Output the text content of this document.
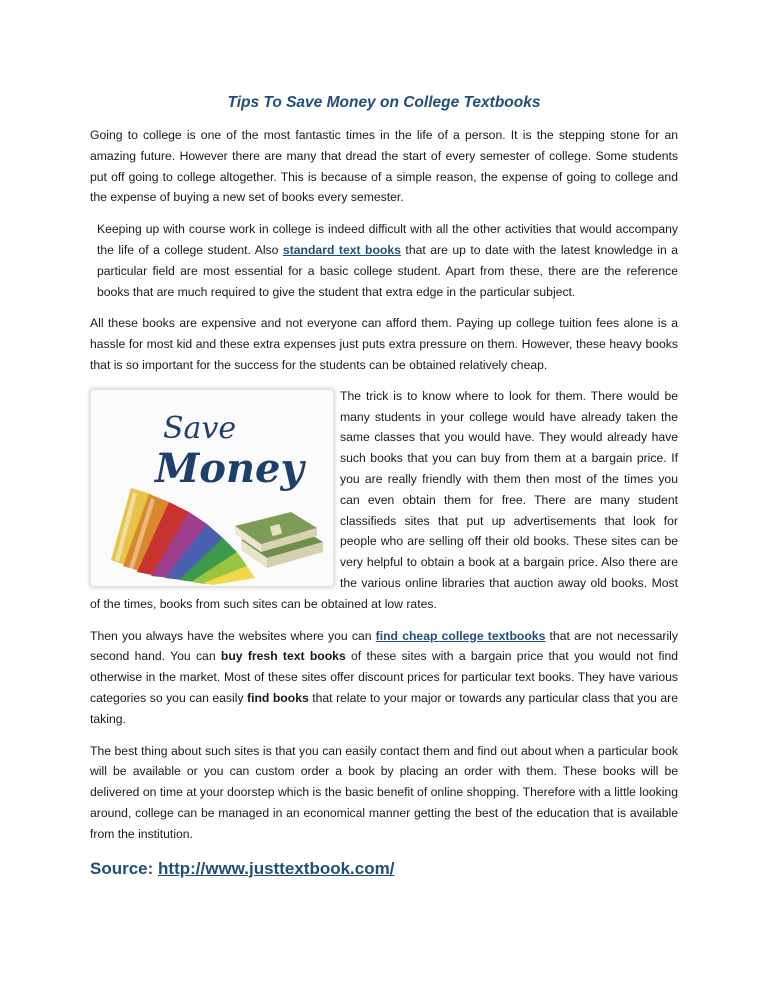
Tips To Save Money on College Textbooks

Going to college is one of the most fantastic times in the life of a person. It is the stepping stone for an amazing future. However there are many that dread the start of every semester of college. Some students put off going to college altogether. This is because of a simple reason, the expense of going to college and the expense of buying a new set of books every semester.

Keeping up with course work in college is indeed difficult with all the other activities that would accompany the life of a college student. Also standard text books that are up to date with the latest knowledge in a particular field are most essential for a basic college student. Apart from these, there are the reference books that are much required to give the student that extra edge in the particular subject.

All these books are expensive and not everyone can afford them. Paying up college tuition fees alone is a hassle for most kid and these extra expenses just puts extra pressure on them. However, these heavy books that is so important for the success for the students can be obtained relatively cheap.

Save
Money

The trick is to know where to look for them. There would be many students in your college would have already taken the same classes that you would have. They would already have such books that you can buy from them at a bargain price. If you are really friendly with them then most of the times you can even obtain them for free. There are many student classifieds sites that put up advertisements that look for people who are selling off their old books. These sites can be very helpful to obtain a book at a bargain price. Also there are the various online libraries that auction away old books. Most of the times, books from such sites can be obtained at low rates.

Then you always have the websites where you can find cheap college textbooks that are not necessarily second hand. You can buy fresh text books of these sites with a bargain price that you would not find otherwise in the market. Most of these sites offer discount prices for particular text books. They have various categories so you can easily find books that relate to your major or towards any particular class that you are taking.

The best thing about such sites is that you can easily contact them and find out about when a particular book will be available or you can custom order a book by placing an order with them. These books will be delivered on time at your doorstep which is the basic benefit of online shopping. Therefore with a little looking around, college can be managed in an economical manner getting the best of the education that is available from the institution.

Source: http://www.justtextbook.com/
